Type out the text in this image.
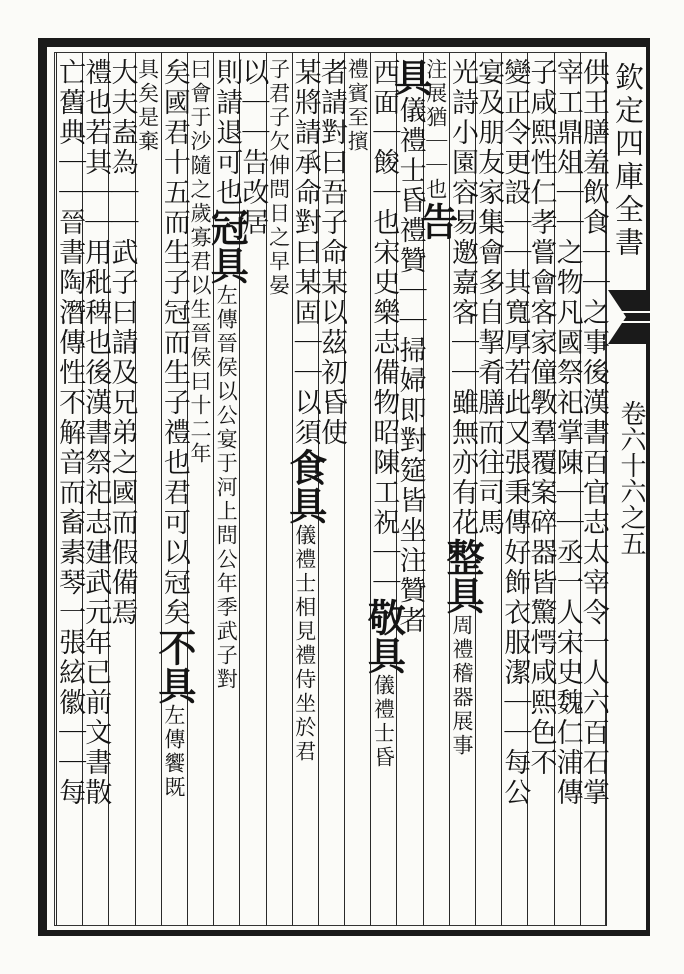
欽定四庫全書
卷六十六之五
供王膳羞飲食｜｜之事後漢書百官志太宰令一人六百石掌
宰工鼎俎｜｜之物凡國祭祀掌陳｜｜丞一人宋史魏仁浦傳
子咸熙性仁孝嘗會客家僮斆羣覆案碎器皆驚愕咸熙色不
變正令更設｜｜其寬厚若此又張秉傳好飾衣服潔｜｜每公
宴及朋友家集會多自挈肴膳而往司馬
光詩小園容易邀嘉客｜｜雖無亦有花整具周禮稽器展事
注展猶｜｜也告
具儀禮士昏禮贊｜｜掃婦即對筵皆坐注贊者
西面｜餕｜也宋史樂志備物昭陳工祝｜｜敬具儀禮士昏
禮賓至擯
者請對曰吾子命某以茲初昏使
某將請承命對曰某固｜｜以須食具儀禮士相見禮侍坐於君
子君子欠伸問日之早晏
以｜｜告改居
則請退可也冠具左傳晉侯以公宴于河上問公年季武子對
曰會于沙隨之歲寡君以生晉侯曰十二年
矣國君十五而生子冠而生子禮也君可以冠矣不具左傳饗既
具矣是棄
大夫盍為｜｜武子曰請及兄弟之國而假備焉
禮也若其｜｜用秕稗也後漢書祭祀志建武元年已前文書散
亡舊典｜｜晉書陶潛傳性不解音而畜素琴一張絃徽｜｜每
